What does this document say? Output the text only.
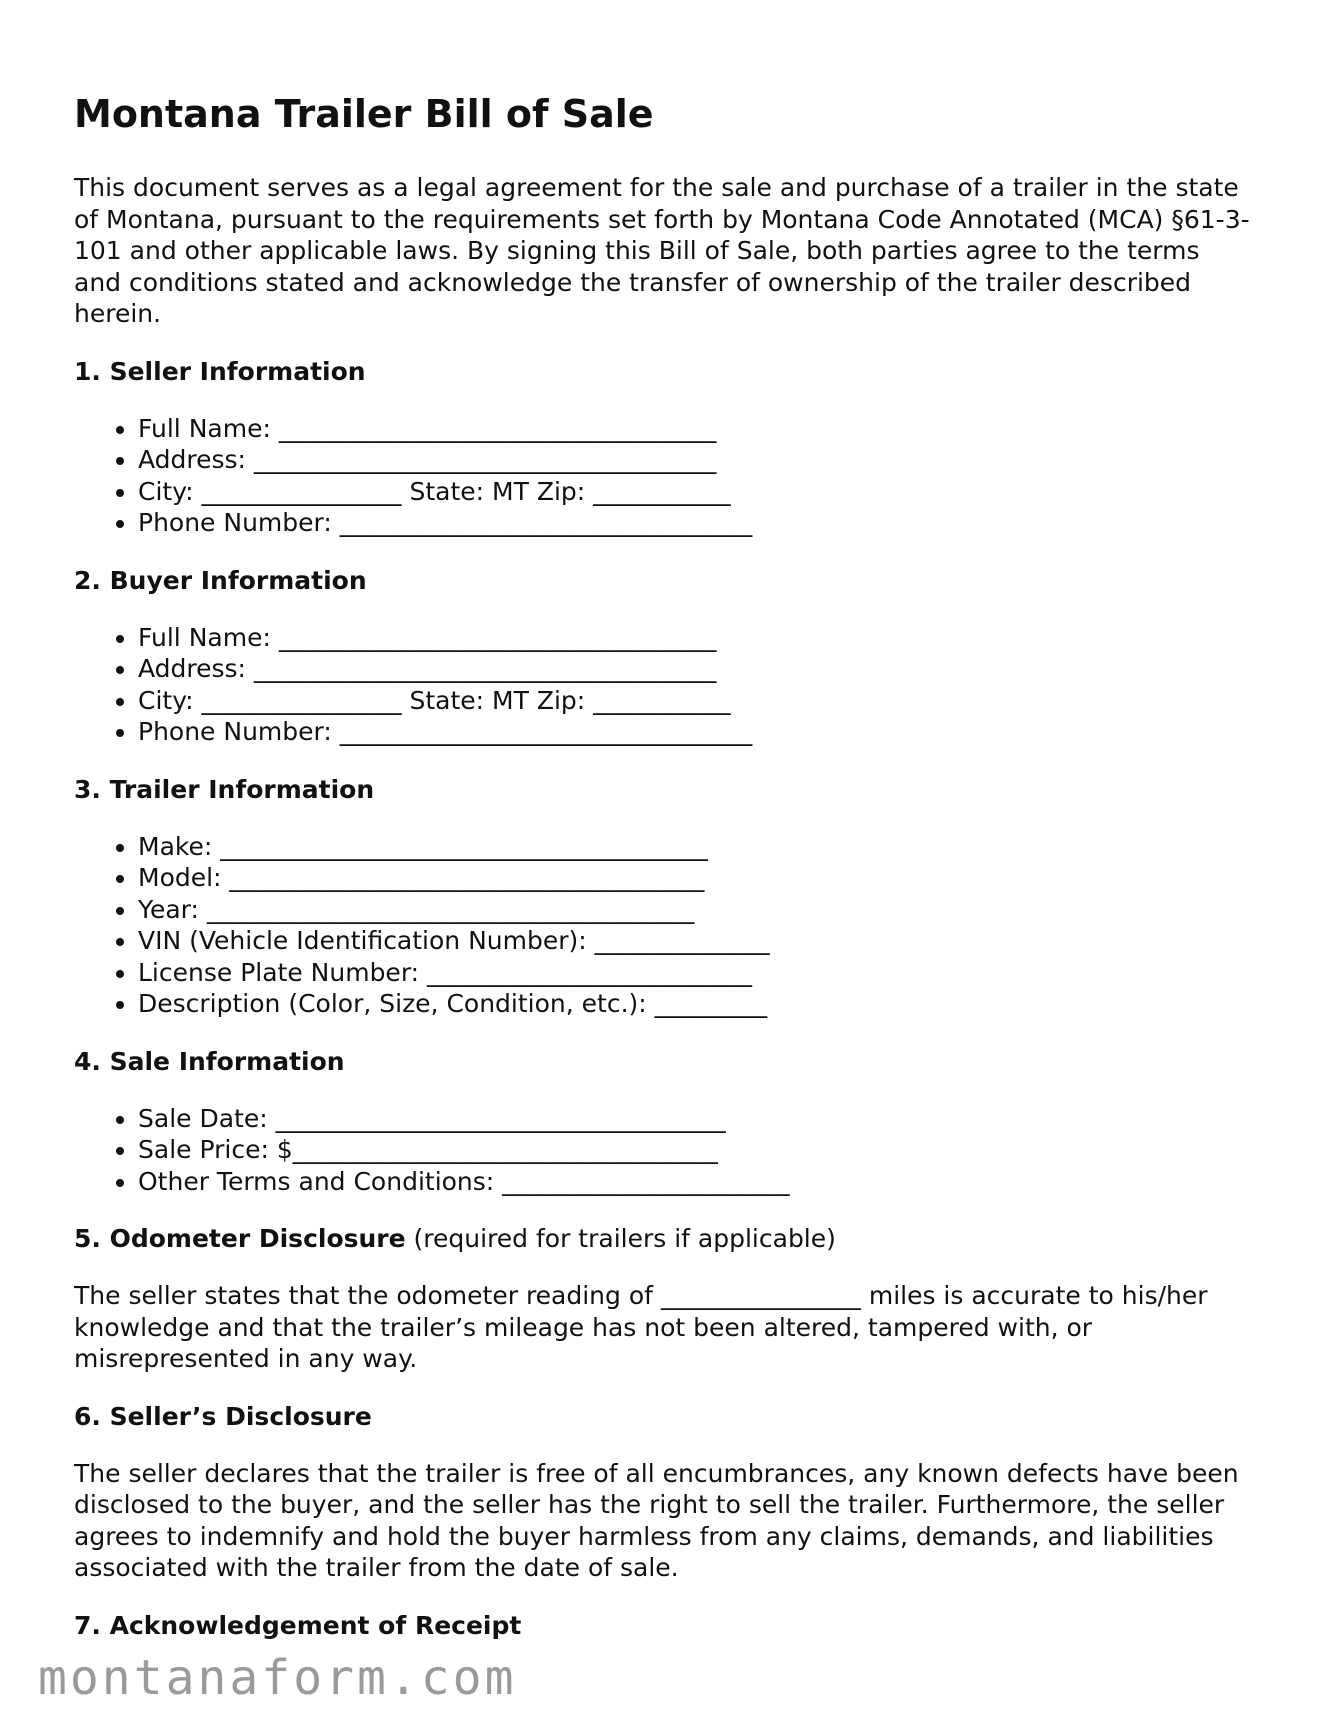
Montana Trailer Bill of Sale

This document serves as a legal agreement for the sale and purchase of a trailer in the state of Montana, pursuant to the requirements set forth by Montana Code Annotated (MCA) §61-3-101 and other applicable laws. By signing this Bill of Sale, both parties agree to the terms and conditions stated and acknowledge the transfer of ownership of the trailer described herein.

1. Seller Information
• Full Name: ___________________________________
• Address: _____________________________________
• City: ________________ State: MT Zip: ___________
• Phone Number: _________________________________
2. Buyer Information
• Full Name: ___________________________________
• Address: _____________________________________
• City: ________________ State: MT Zip: ___________
• Phone Number: _________________________________
3. Trailer Information
• Make: _______________________________________
• Model: ______________________________________
• Year: _______________________________________
• VIN (Vehicle Identification Number): ______________
• License Plate Number: __________________________
• Description (Color, Size, Condition, etc.): _________
4. Sale Information
• Sale Date: ____________________________________
• Sale Price: $__________________________________
• Other Terms and Conditions: _______________________
5. Odometer Disclosure (required for trailers if applicable)

The seller states that the odometer reading of ________________ miles is accurate to his/her knowledge and that the trailer’s mileage has not been altered, tampered with, or misrepresented in any way.

6. Seller’s Disclosure

The seller declares that the trailer is free of all encumbrances, any known defects have been disclosed to the buyer, and the seller has the right to sell the trailer. Furthermore, the seller agrees to indemnify and hold the buyer harmless from any claims, demands, and liabilities associated with the trailer from the date of sale.

7. Acknowledgement of Receipt
montanaform.com
